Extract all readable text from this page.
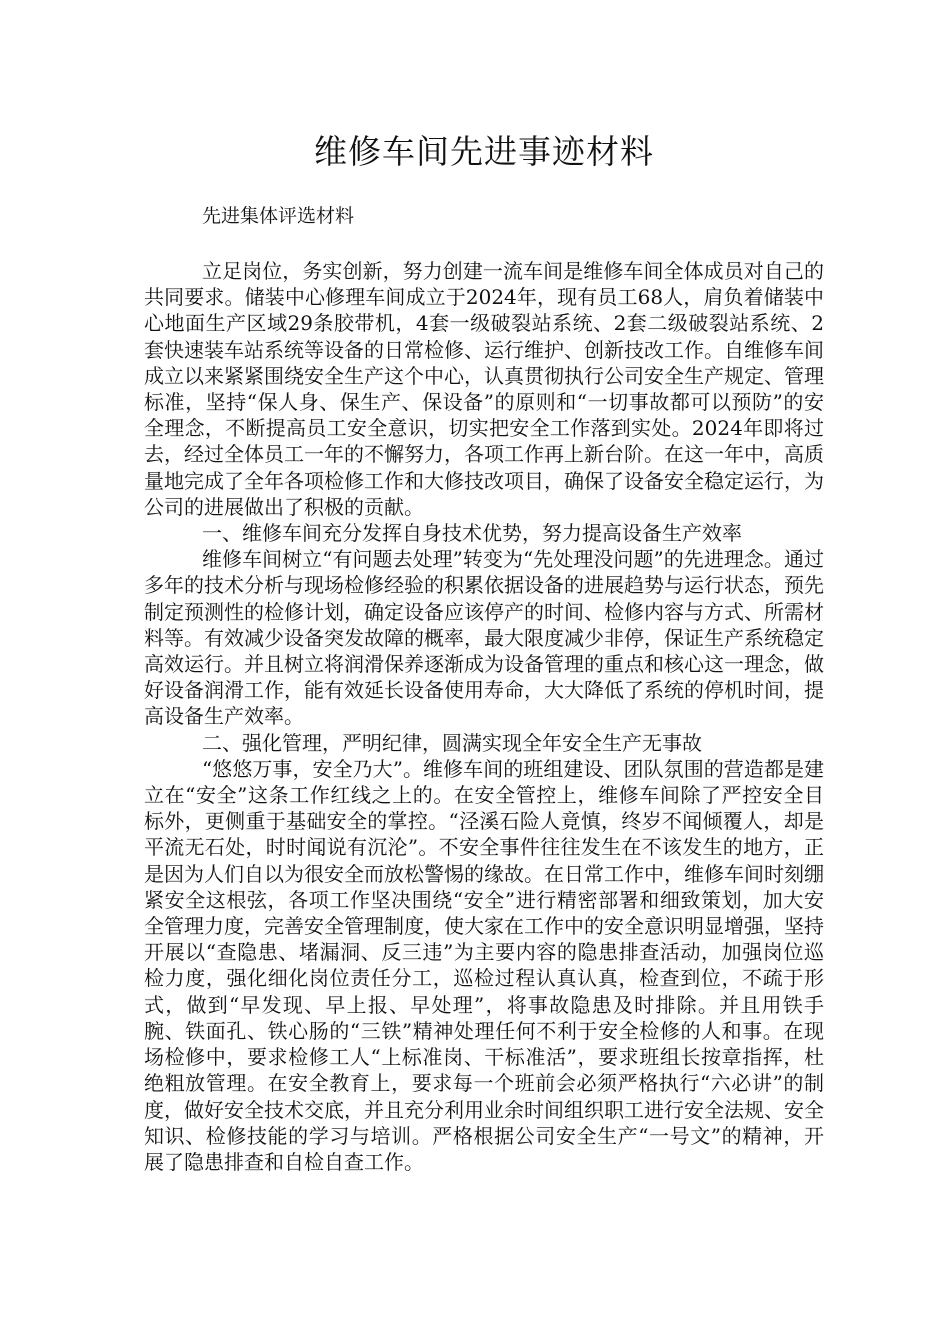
维修车间先进事迹材料
先进集体评选材料

立足岗位，务实创新，努力创建一流车间是维修车间全体成员对自己的共同要求。储装中心修理车间成立于2024年，现有员工68人，肩负着储装中心地面生产区域29条胶带机，4套一级破裂站系统、2套二级破裂站系统、2套快速装车站系统等设备的日常检修、运行维护、创新技改工作。自维修车间成立以来紧紧围绕安全生产这个中心，认真贯彻执行公司安全生产规定、管理标准，坚持“保人身、保生产、保设备”的原则和“一切事故都可以预防”的安全理念，不断提高员工安全意识，切实把安全工作落到实处。2024年即将过去，经过全体员工一年的不懈努力，各项工作再上新台阶。在这一年中，高质量地完成了全年各项检修工作和大修技改项目，确保了设备安全稳定运行，为公司的进展做出了积极的贡献。

一、维修车间充分发挥自身技术优势，努力提高设备生产效率

维修车间树立“有问题去处理”转变为“先处理没问题”的先进理念。通过多年的技术分析与现场检修经验的积累依据设备的进展趋势与运行状态，预先制定预测性的检修计划，确定设备应该停产的时间、检修内容与方式、所需材料等。有效减少设备突发故障的概率，最大限度减少非停，保证生产系统稳定高效运行。并且树立将润滑保养逐渐成为设备管理的重点和核心这一理念，做好设备润滑工作，能有效延长设备使用寿命，大大降低了系统的停机时间，提高设备生产效率。

二、强化管理，严明纪律，圆满实现全年安全生产无事故

“悠悠万事，安全乃大”。维修车间的班组建设、团队氛围的营造都是建立在“安全”这条工作红线之上的。在安全管控上，维修车间除了严控安全目标外，更侧重于基础安全的掌控。“泾溪石险人竟慎，终岁不闻倾覆人，却是平流无石处，时时闻说有沉沦”。不安全事件往往发生在不该发生的地方，正是因为人们自以为很安全而放松警惕的缘故。在日常工作中，维修车间时刻绷紧安全这根弦，各项工作坚决围绕“安全”进行精密部署和细致策划，加大安全管理力度，完善安全管理制度，使大家在工作中的安全意识明显增强，坚持开展以“查隐患、堵漏洞、反三违”为主要内容的隐患排查活动，加强岗位巡检力度，强化细化岗位责任分工，巡检过程认真认真，检查到位，不疏于形式，做到“早发现、早上报、早处理”，将事故隐患及时排除。并且用铁手腕、铁面孔、铁心肠的“三铁”精神处理任何不利于安全检修的人和事。在现场检修中，要求检修工人“上标准岗、干标准活”，要求班组长按章指挥，杜绝粗放管理。在安全教育上，要求每一个班前会必须严格执行“六必讲”的制度，做好安全技术交底，并且充分利用业余时间组织职工进行安全法规、安全知识、检修技能的学习与培训。严格根据公司安全生产“一号文”的精神，开展了隐患排查和自检自查工作。
